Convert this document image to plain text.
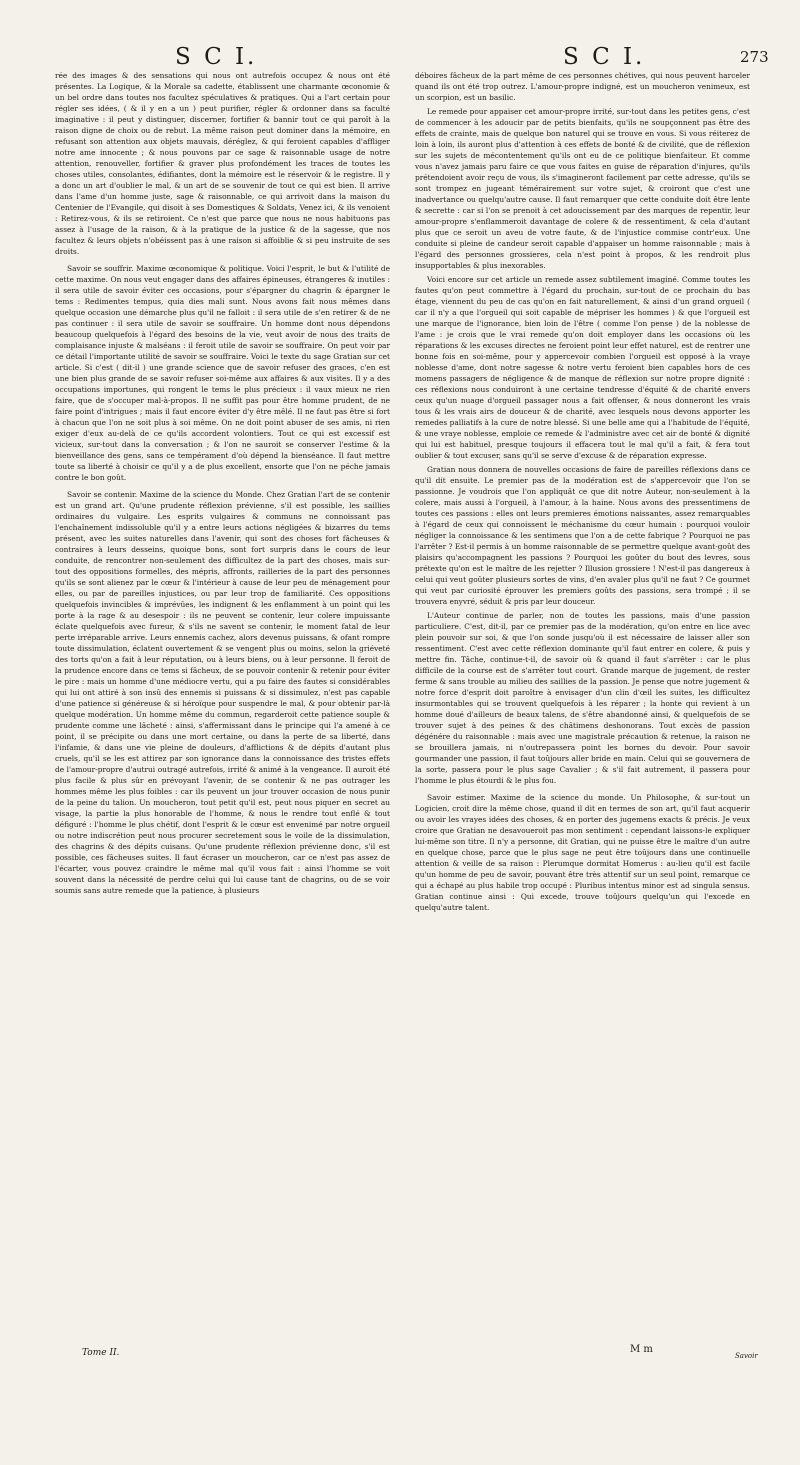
S C I.	S C I.	273

rée des images & des sensations qui nous ont autrefois occupez & nous ont été présentes. La Logique, & la Morale sa cadette, établissent une charmante œconomie & un bel ordre dans toutes nos facultez spéculatives & pratiques. Qui a l'art certain pour régler ses idées, ( & il y en a un ) peut purifier, régler & ordonner dans sa faculté imaginative : il peut y distinguer, discerner, fortifier & bannir tout ce qui paroît à la raison digne de choix ou de rebut. La même raison peut dominer dans la mémoire, en refusant son attention aux objets mauvais, déréglez, & qui feroient capables d'affliger notre ame innocente ; & nous pouvons par ce sage & raisonnable usage de notre attention, renouveller, fortifier & graver plus profondément les traces de toutes les choses utiles, consolantes, édifiantes, dont la mémoire est le réservoir & le registre. Il y a donc un art d'oublier le mal, & un art de se souvenir de tout ce qui est bien. Il arrive dans l'ame d'un homme juste, sage & raisonnable, ce qui arrivoit dans la maison du Centenier de l'Evangile, qui disoit à ses Domestiques & Soldats, Venez ici, & ils venoient : Retirez-vous, & ils se retiroient. Ce n'est que parce que nous ne nous habituons pas assez à l'usage de la raison, & à la pratique de la justice & de la sagesse, que nos facultez & leurs objets n'obéissent pas à une raison si affoiblie & si peu instruite de ses droits.

Savoir se souffrir. Maxime œconomique & politique. Voici l'esprit, le but & l'utilité de cette maxime. On nous veut engager dans des affaires épineuses, étrangeres & inutiles : il sera utile de savoir éviter ces occasions, pour s'épargner du chagrin & épargner le tems : Redimentes tempus, quia dies mali sunt. Nous avons fait nous mêmes dans quelque occasion une démarche plus qu'il ne falloit : il sera utile de s'en retirer & de ne pas continuer : il sera utile de savoir se souffraire. Un homme dont nous dépendons beaucoup quelquefois à l'égard des besoins de la vie, veut avoir de nous des traits de complaisance injuste & malséans : il feroit utile de savoir se souffraire. On peut voir par ce détail l'importante utilité de savoir se souffraire. Voici le texte du sage Gratian sur cet article. Si c'est ( dit-il ) une grande science que de savoir refuser des graces, c'en est une bien plus grande de se savoir refuser soi-même aux affaires & aux visites. Il y a des occupations importunes, qui rongent le tems le plus précieux : il vaux mieux ne rien faire, que de s'occuper mal-à-propos. Il ne suffit pas pour être homme prudent, de ne faire point d'intrigues ; mais il faut encore éviter d'y être mêlé. Il ne faut pas être si fort à chacun que l'on ne soit plus à soi même. On ne doit point abuser de ses amis, ni rien exiger d'eux au-delà de ce qu'ils accordent volontiers. Tout ce qui est excessif est vicieux, sur-tout dans la conversation ; & l'on ne sauroit se conserver l'estime & la bienveillance des gens, sans ce tempérament d'où dépend la bienséance. Il faut mettre toute sa liberté à choisir ce qu'il y a de plus excellent, ensorte que l'on ne péche jamais contre le bon goût.

Savoir se contenir. Maxime de la science du Monde. Chez Gratian l'art de se contenir est un grand art. Qu'une prudente réflexion prévienne, s'il est possible, les saillies ordinaires du vulgaire. Les esprits vulgaires & communs ne connoissant pas l'enchaînement indissoluble qu'il y a entre leurs actions négligées & bizarres du tems présent, avec les suites naturelles dans l'avenir, qui sont des choses fort fâcheuses & contraires à leurs desseins, quoique bons, sont fort surpris dans le cours de leur conduite, de rencontrer non-seulement des difficultez de la part des choses, mais sur-tout des oppositions formelles, des mépris, affronts, railleries de la part des personnes qu'ils se sont alienez par le cœur & l'intérieur à cause de leur peu de ménagement pour elles, ou par de pareilles injustices, ou par leur trop de familiarité. Ces oppositions quelquefois invincibles & imprévûes, les indignent & les enflamment à un point qui les porte à la rage & au desespoir : ils ne peuvent se contenir, leur colere impuissante éclate quelquefois avec fureur, & s'ils ne savent se contenir, le moment fatal de leur perte irréparable arrive. Leurs ennemis cachez, alors devenus puissans, & ofant rompre toute dissimulation, éclatent ouvertement & se vengent plus ou moins, selon la griéveté des torts qu'on a fait à leur réputation, ou à leurs biens, ou à leur personne. Il feroit de la prudence encore dans ce tems si fâcheux, de se pouvoir contenir & retenir pour éviter le pire : mais un homme d'une médiocre vertu, qui a pu faire des fautes si considérables qui lui ont attiré à son insû des ennemis si puissans & si dissimulez, n'est pas capable d'une patience si généreuse & si héroïque pour suspendre le mal, & pour obtenir par-là quelque modération. Un homme même du commun, regarderoit cette patience souple & prudente comme une lâcheté : ainsi, s'affermissant dans le principe qui l'a amené à ce point, il se précipite ou dans une mort certaine, ou dans la perte de sa liberté, dans l'infamie, & dans une vie pleine de douleurs, d'afflictions & de dépits d'autant plus cruels, qu'il se les est attirez par son ignorance dans la connoissance des tristes effets de l'amour-propre d'autrui outragé autrefois, irrité & animé à la vengeance. Il auroit été plus facile & plus sûr en prévoyant l'avenir, de se contenir & ne pas outrager les hommes même les plus foibles : car ils peuvent un jour trouver occasion de nous punir de la peine du talion. Un moucheron, tout petit qu'il est, peut nous piquer en secret au visage, la partie la plus honorable de l'homme, & nous le rendre tout enflé & tout défiguré : l'homme le plus chétif, dont l'esprit & le cœur est envenimé par notre orgueil ou notre indiscrétion peut nous procurer secretement sous le voile de la dissimulation, des chagrins & des dépits cuisans. Qu'une prudente réflexion prévienne donc, s'il est possible, ces fâcheuses suites. Il faut écraser un moucheron, car ce n'est pas assez de l'écarter, vous pouvez craindre le même mal qu'il vous fait : ainsi l'homme se voit souvent dans la nécessité de perdre celui qui lui cause tant de chagrins, ou de se voir soumis sans autre remede que la patience, à plusieurs

déboires fâcheux de la part même de ces personnes chétives, qui nous peuvent harceler quand ils ont été trop outrez. L'amour-propre indigné, est un moucheron venimeux, est un scorpion, est un basilic.

Le remede pour appaiser cet amour-propre irrité, sur-tout dans les petites gens, c'est de commencer à les adoucir par de petits bienfaits, qu'ils ne soupçonnent pas être des effets de crainte, mais de quelque bon naturel qui se trouve en vous. Si vous réiterez de loin à loin, ils auront plus d'attention à ces effets de bonté & de civilité, que de réflexion sur les sujets de mécontentement qu'ils ont eu de ce politique bienfaiteur. Et comme vous n'avez jamais paru faire ce que vous faites en guise de réparation d'injures, qu'ils prétendoient avoir reçu de vous, ils s'imagineront facilement par cette adresse, qu'ils se sont trompez en jugeant témérairement sur votre sujet, & croiront que c'est une inadvertance ou quelqu'autre cause. Il faut remarquer que cette conduite doit être lente & secrette : car si l'on se prenoit à cet adoucissement par des marques de repentir, leur amour-propre s'enflammeroit davantage de colere & de ressentiment, & cela d'autant plus que ce seroit un aveu de votre faute, & de l'injustice commise contr'eux. Une conduite si pleine de candeur seroit capable d'appaiser un homme raisonnable ; mais à l'égard des personnes grossieres, cela n'est point à propos, & les rendroit plus insupportables & plus inexorables.

Voici encore sur cet article un remede assez subtilement imaginé. Comme toutes les fautes qu'on peut commettre à l'égard du prochain, sur-tout de ce prochain du bas étage, viennent du peu de cas qu'on en fait naturellement, & ainsi d'un grand orgueil ( car il n'y a que l'orgueil qui soit capable de mépriser les hommes ) & que l'orgueil est une marque de l'ignorance, bien loin de l'être ( comme l'on pense ) de la noblesse de l'ame : je crois que le vrai remede qu'on doit employer dans les occasions où les réparations & les excuses directes ne feroient point leur effet naturel, est de rentrer une bonne fois en soi-même, pour y appercevoir combien l'orgueil est opposé à la vraye noblesse d'ame, dont notre sagesse & notre vertu feroient bien capables hors de ces momens passagers de négligence & de manque de réflexion sur notre propre dignité : ces réflexions nous conduiront à une certaine tendresse d'équité & de charité envers ceux qu'un nuage d'orgueil passager nous a fait offenser, & nous donneront les vrais tous & les vrais airs de douceur & de charité, avec lesquels nous devons apporter les remedes palliatifs à la cure de notre blessé. Si une belle ame qui a l'habitude de l'équité, & une vraye noblesse, emploie ce remede & l'administre avec cet air de bonté & dignité qui lui est habituel, presque toujours il effacera tout le mal qu'il a fait, & fera tout oublier & tout excuser, sans qu'il se serve d'excuse & de réparation expresse.

Gratian nous donnera de nouvelles occasions de faire de pareilles réflexions dans ce qu'il dit ensuite. Le premier pas de la modération est de s'appercevoir que l'on se passionne. Je voudrois que l'on appliquât ce que dit notre Auteur, non-seulement à la colere, mais aussi à l'orgueil, à l'amour, à la haine. Nous avons des pressentimens de toutes ces passions : elles ont leurs premieres émotions naissantes, assez remarquables à l'égard de ceux qui connoissent le méchanisme du cœur humain : pourquoi vouloir négliger la connoissance & les sentimens que l'on a de cette fabrique ? Pourquoi ne pas l'arrêter ? Est-il permis à un homme raisonnable de se permettre quelque avant-goût des plaisirs qu'accompagnent les passions ? Pourquoi les goûter du bout des levres, sous prétexte qu'on est le maître de les rejetter ? Illusion grossiere ! N'est-il pas dangereux à celui qui veut goûter plusieurs sortes de vins, d'en avaler plus qu'il ne faut ? Ce gourmet qui veut par curiosité éprouver les premiers goûts des passions, sera trompé ; il se trouvera enyvré, séduit & pris par leur douceur.

L'Auteur continue de parler, non de toutes les passions, mais d'une passion particuliere. C'est, dit-il, par ce premier pas de la modération, qu'on entre en lice avec plein pouvoir sur soi, & que l'on sonde jusqu'où il est nécessaire de laisser aller son ressentiment. C'est avec cette réflexion dominante qu'il faut entrer en colere, & puis y mettre fin. Tâche, continue-t-il, de savoir où & quand il faut s'arrêter : car le plus difficile de la course est de s'arrêter tout court. Grande marque de jugement, de rester ferme & sans trouble au milieu des saillies de la passion. Je pense que notre jugement & notre force d'esprit doit paroître à envisager d'un clin d'œil les suites, les difficultez insurmontables qui se trouvent quelquefois à les réparer ; la honte qui revient à un homme doué d'ailleurs de beaux talens, de s'être abandonné ainsi, & quelquefois de se trouver sujet à des peines & des châtimens deshonorans. Tout excès de passion dégénére du raisonnable : mais avec une magistrale précaution & retenue, la raison ne se brouillera jamais, ni n'outrepassera point les bornes du devoir. Pour savoir gourmander une passion, il faut toûjours aller bride en main. Celui qui se gouvernera de la sorte, passera pour le plus sage Cavalier ; & s'il fait autrement, il passera pour l'homme le plus étourdi & le plus fou.

Savoir estimer. Maxime de la science du monde. Un Philosophe, & sur-tout un Logicien, croit dire la même chose, quand il dit en termes de son art, qu'il faut acquerir ou avoir les vrayes idées des choses, & en porter des jugemens exacts & précis. Je veux croire que Gratian ne desavoueroit pas mon sentiment : cependant laissons-le expliquer lui-même son titre. Il n'y a personne, dit Gratian, qui ne puisse être le maître d'un autre en quelque chose, parce que le plus sage ne peut être toûjours dans une continuelle attention & veille de sa raison : Plerumque dormitat Homerus : au-lieu qu'il est facile qu'un homme de peu de savoir, pouvant être très attentif sur un seul point, remarque ce qui a échapé au plus habile trop occupé : Pluribus intentus minor est ad singula sensus. Gratian continue ainsi : Qui excede, trouve toûjours quelqu'un qui l'excede en quelqu'autre talent.

Tome II.	M m
Savoir
